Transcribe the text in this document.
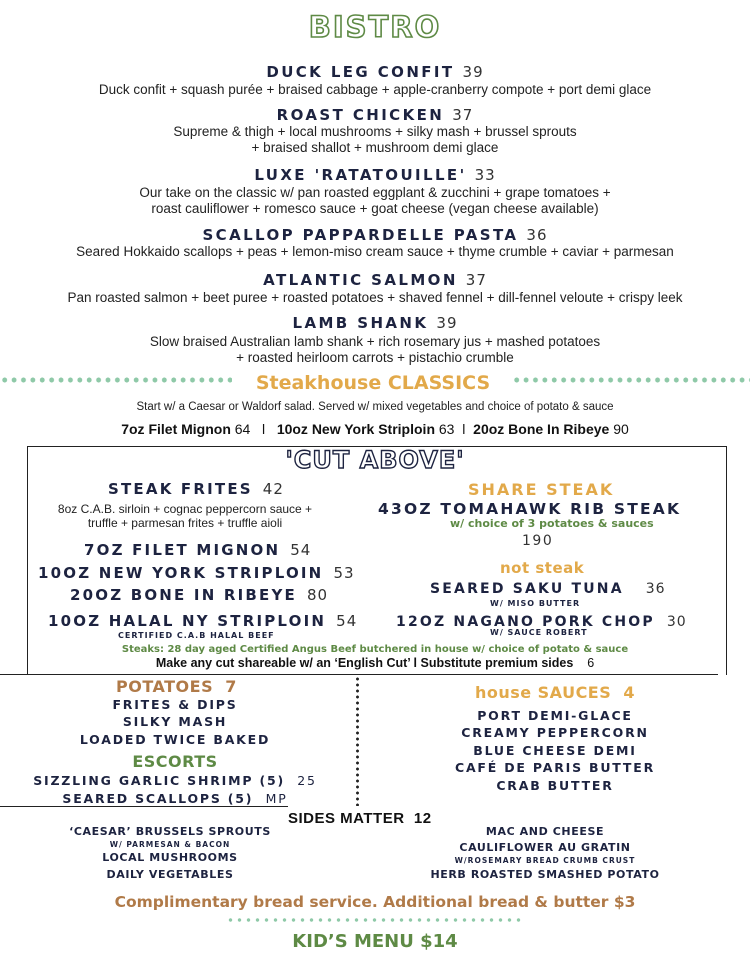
BISTRO
DUCK LEG CONFIT 39
Duck confit + squash purée + braised cabbage + apple-cranberry compote + port demi glace
ROAST CHICKEN 37
Supreme & thigh + local mushrooms + silky mash + brussel sprouts
+ braised shallot + mushroom demi glace
LUXE 'RATATOUILLE' 33
Our take on the classic w/ pan roasted eggplant & zucchini + grape tomatoes +
roast cauliflower + romesco sauce + goat cheese (vegan cheese available)
SCALLOP PAPPARDELLE PASTA 36
Seared Hokkaido scallops + peas + lemon-miso cream sauce + thyme crumble + caviar + parmesan
ATLANTIC SALMON 37
Pan roasted salmon + beet puree + roasted potatoes + shaved fennel + dill-fennel veloute + crispy leek
LAMB SHANK 39
Slow braised Australian lamb shank + rich rosemary jus + mashed potatoes
+ roasted heirloom carrots + pistachio crumble
Steakhouse CLASSICS
Start w/ a Caesar or Waldorf salad. Served w/ mixed vegetables and choice of potato & sauce
7oz Filet Mignon 64 l 10oz New York Striploin 63 l 20oz Bone In Ribeye 90
'CUT ABOVE'
STEAK FRITES 42
8oz C.A.B. sirloin + cognac peppercorn sauce +
truffle + parmesan frites + truffle aioli
7OZ FILET MIGNON 54
10OZ NEW YORK STRIPLOIN 53
20OZ BONE IN RIBEYE 80
10OZ HALAL NY STRIPLOIN 54
CERTIFIED C.A.B HALAL BEEF
SHARE STEAK
43OZ TOMAHAWK RIB STEAK
w/ choice of 3 potatoes & sauces
190
not steak
SEARED SAKU TUNA 36
W/ MISO BUTTER
12OZ NAGANO PORK CHOP 30
W/ SAUCE ROBERT
Steaks: 28 day aged Certified Angus Beef butchered in house w/ choice of potato & sauce
Make any cut shareable w/ an ‘English Cut’ l Substitute premium sides 6
POTATOES 7
FRITES & DIPS
SILKY MASH
LOADED TWICE BAKED
ESCORTS
SIZZLING GARLIC SHRIMP (5) 25
SEARED SCALLOPS (5) MP
house SAUCES 4
PORT DEMI-GLACE
CREAMY PEPPERCORN
BLUE CHEESE DEMI
CAFÉ DE PARIS BUTTER
CRAB BUTTER
SIDES MATTER 12
‘CAESAR’ BRUSSELS SPROUTS
W/ PARMESAN & BACON
LOCAL MUSHROOMS
DAILY VEGETABLES
MAC AND CHEESE
CAULIFLOWER AU GRATIN
W/ROSEMARY BREAD CRUMB CRUST
HERB ROASTED SMASHED POTATO
Complimentary bread service. Additional bread & butter $3
KID’S MENU $14
